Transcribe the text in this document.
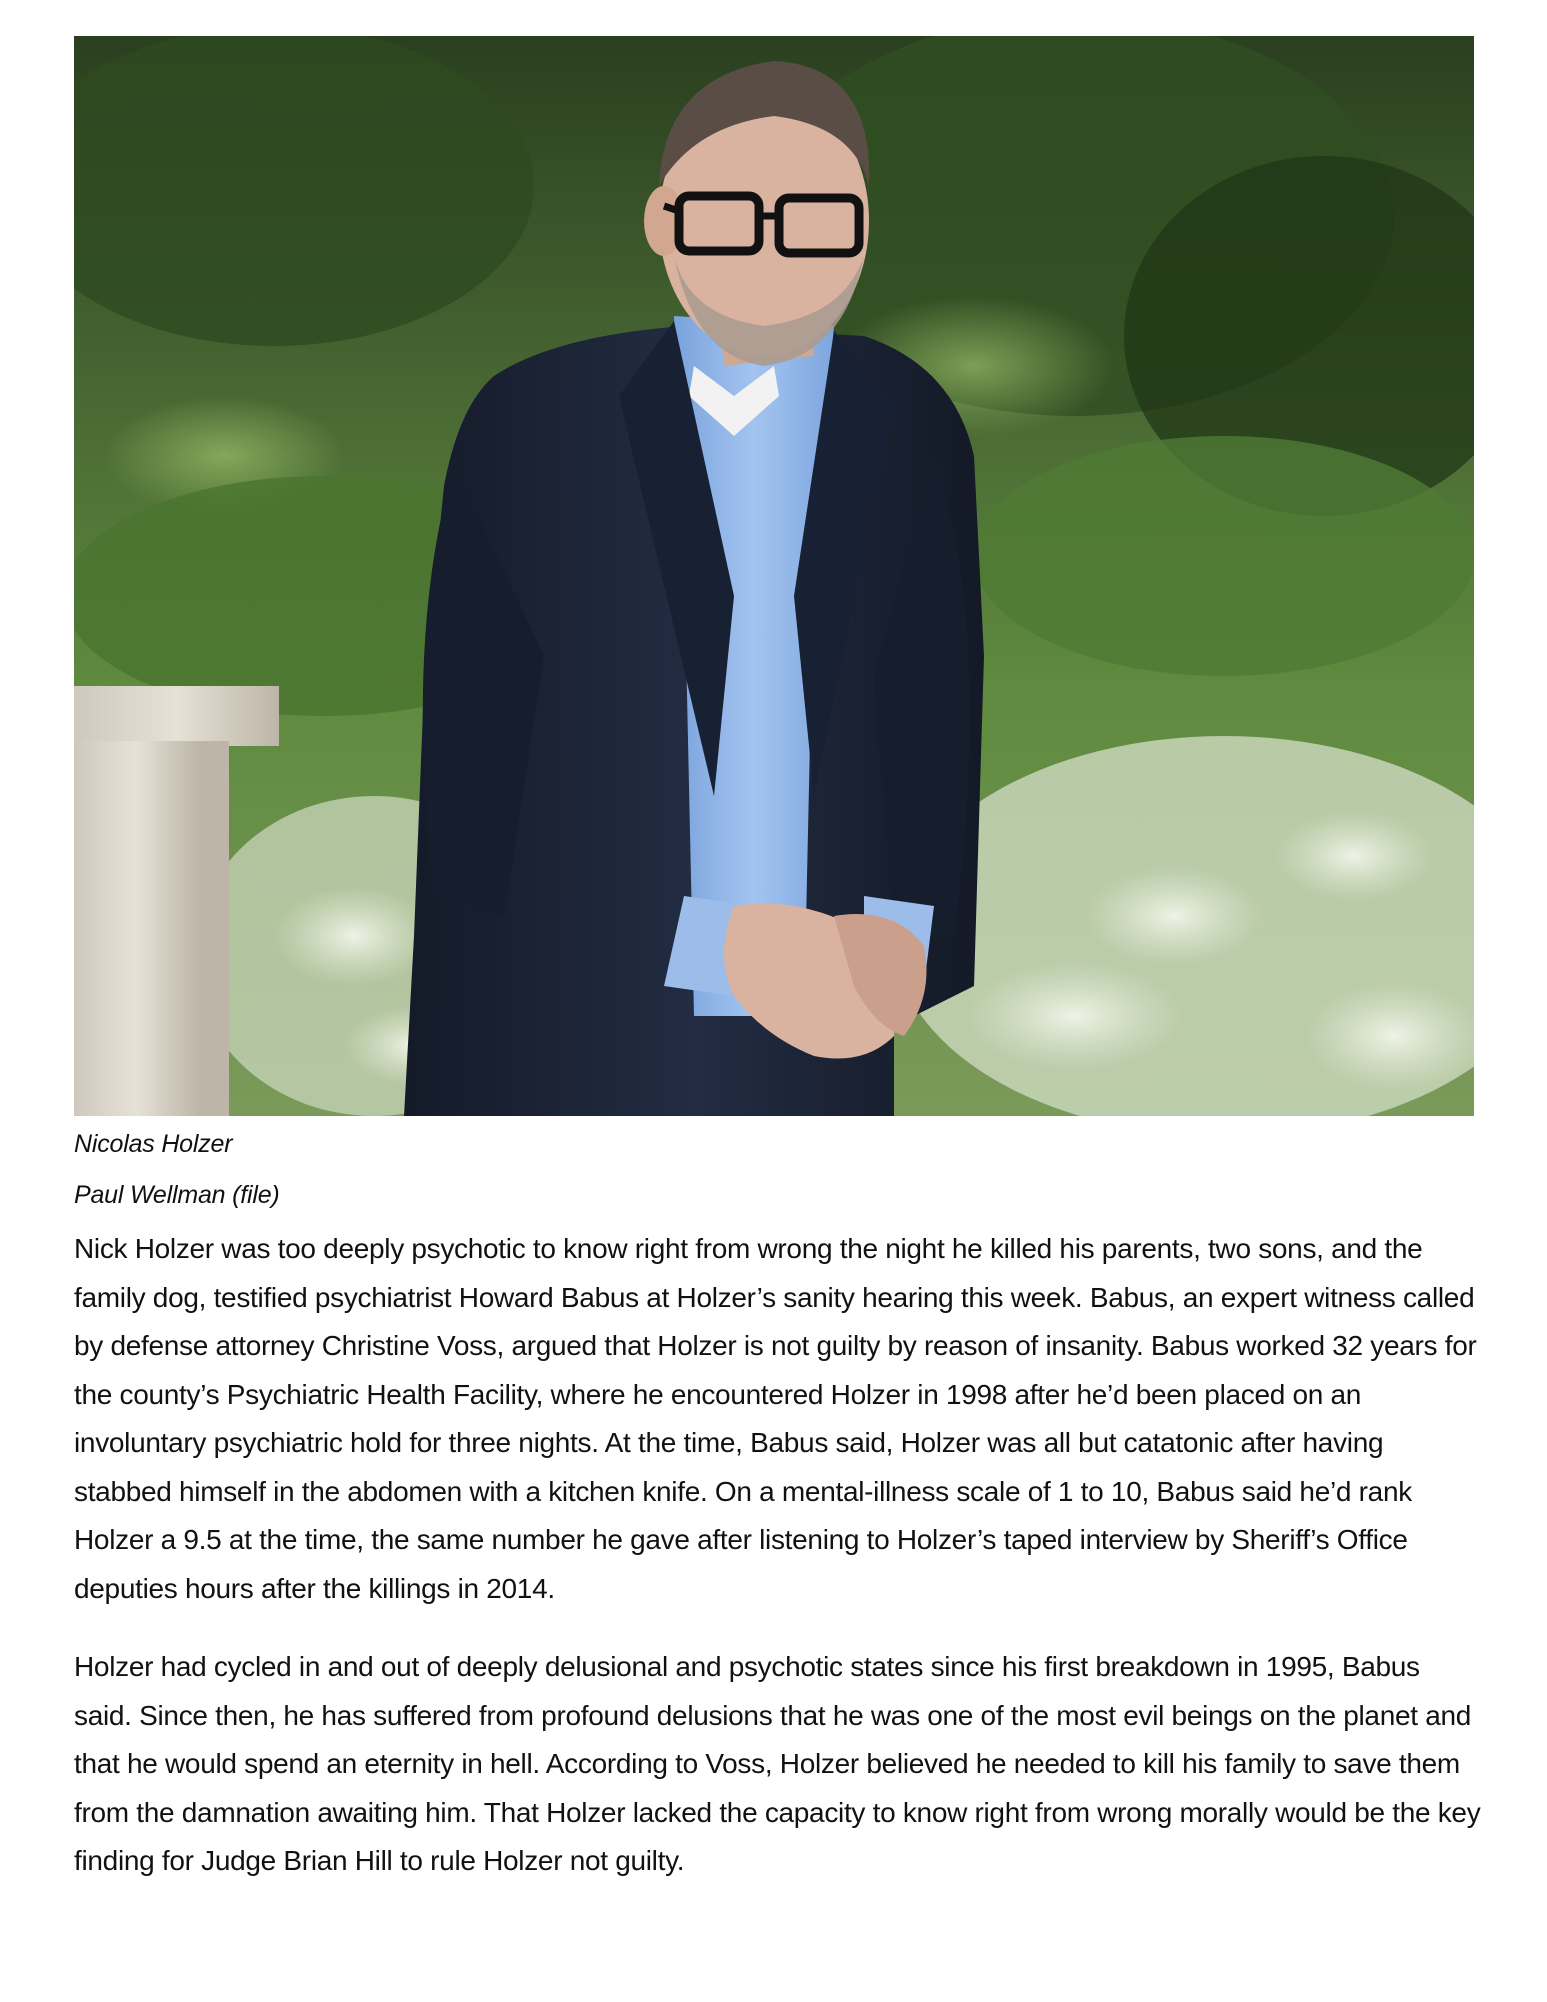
Nicolas Holzer
Paul Wellman (file)

Nick Holzer was too deeply psychotic to know right from wrong the night he killed his parents, two sons, and the family dog, testified psychiatrist Howard Babus at Holzer’s sanity hearing this week. Babus, an expert witness called by defense attorney Christine Voss, argued that Holzer is not guilty by reason of insanity. Babus worked 32 years for the county’s Psychiatric Health Facility, where he encountered Holzer in 1998 after he’d been placed on an involuntary psychiatric hold for three nights. At the time, Babus said, Holzer was all but catatonic after having stabbed himself in the abdomen with a kitchen knife. On a mental-illness scale of 1 to 10, Babus said he’d rank Holzer a 9.5 at the time, the same number he gave after listening to Holzer’s taped interview by Sheriff’s Office deputies hours after the killings in 2014.

Holzer had cycled in and out of deeply delusional and psychotic states since his first breakdown in 1995, Babus said. Since then, he has suffered from profound delusions that he was one of the most evil beings on the planet and that he would spend an eternity in hell. According to Voss, Holzer believed he needed to kill his family to save them from the damnation awaiting him. That Holzer lacked the capacity to know right from wrong morally would be the key finding for Judge Brian Hill to rule Holzer not guilty.
